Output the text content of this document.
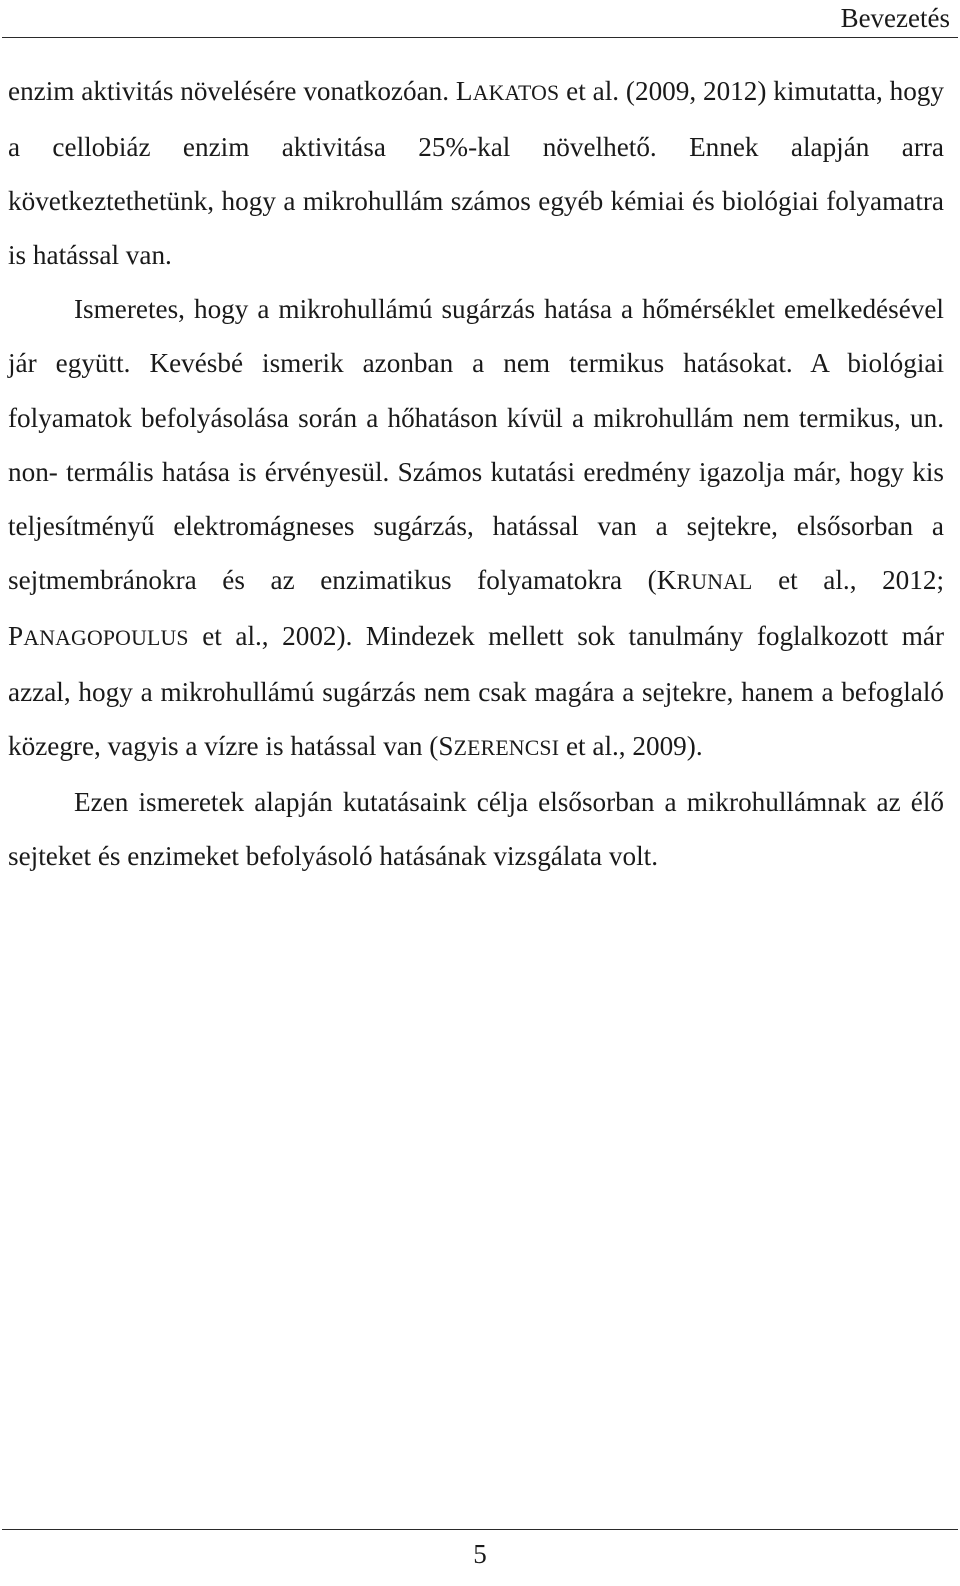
Bevezetés

enzim aktivitás növelésére vonatkozóan. LAKATOS et al. (2009, 2012) kimutatta, hogy a cellobiáz enzim aktivitása 25%-kal növelhető. Ennek alapján arra következtethetünk, hogy a mikrohullám számos egyéb kémiai és biológiai folyamatra is hatással van.

Ismeretes, hogy a mikrohullámú sugárzás hatása a hőmérséklet emelkedésével jár együtt. Kevésbé ismerik azonban a nem termikus hatásokat. A biológiai folyamatok befolyásolása során a hőhatáson kívül a mikrohullám nem termikus, un. non- termális hatása is érvényesül. Számos kutatási eredmény igazolja már, hogy kis teljesítményű elektromágneses sugárzás, hatással van a sejtekre, elsősorban a sejtmembránokra és az enzimatikus folyamatokra (KRUNAL et al., 2012; PANAGOPOULUS et al., 2002). Mindezek mellett sok tanulmány foglalkozott már azzal, hogy a mikrohullámú sugárzás nem csak magára a sejtekre, hanem a befoglaló közegre, vagyis a vízre is hatással van (SZERENCSI et al., 2009).

Ezen ismeretek alapján kutatásaink célja elsősorban a mikrohullámnak az élő sejteket és enzimeket befolyásoló hatásának vizsgálata volt.

5
